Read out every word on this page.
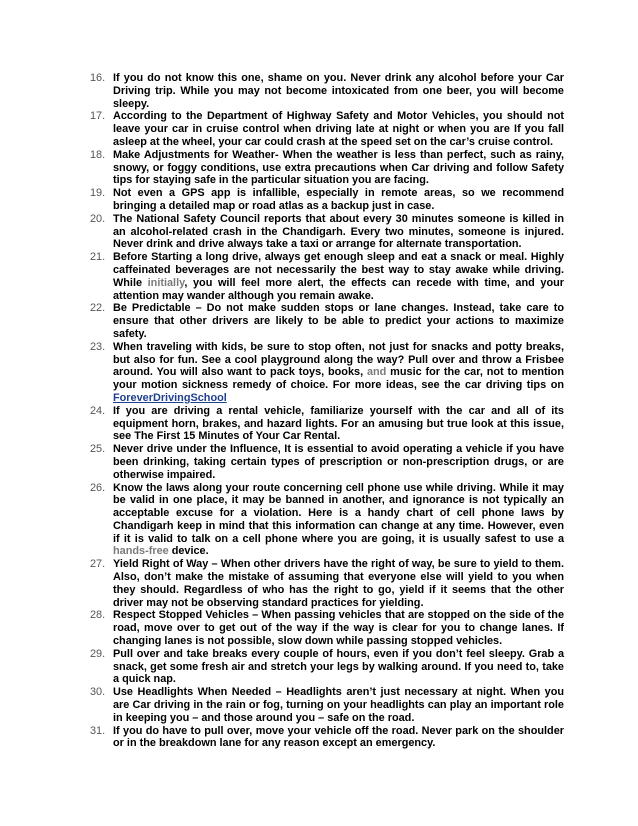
16. If you do not know this one, shame on you. Never drink any alcohol before your Car Driving trip. While you may not become intoxicated from one beer, you will become sleepy.
17. According to the Department of Highway Safety and Motor Vehicles, you should not leave your car in cruise control when driving late at night or when you are If you fall asleep at the wheel, your car could crash at the speed set on the car’s cruise control.
18. Make Adjustments for Weather- When the weather is less than perfect, such as rainy, snowy, or foggy conditions, use extra precautions when Car driving and follow Safety tips for staying safe in the particular situation you are facing.
19. Not even a GPS app is infallible, especially in remote areas, so we recommend bringing a detailed map or road atlas as a backup just in case.
20. The National Safety Council reports that about every 30 minutes someone is killed in an alcohol-related crash in the Chandigarh. Every two minutes, someone is injured. Never drink and drive always take a taxi or arrange for alternate transportation.
21. Before Starting a long drive, always get enough sleep and eat a snack or meal. Highly caffeinated beverages are not necessarily the best way to stay awake while driving. While initially, you will feel more alert, the effects can recede with time, and your attention may wander although you remain awake.
22. Be Predictable – Do not make sudden stops or lane changes. Instead, take care to ensure that other drivers are likely to be able to predict your actions to maximize safety.
23. When traveling with kids, be sure to stop often, not just for snacks and potty breaks, but also for fun. See a cool playground along the way? Pull over and throw a Frisbee around. You will also want to pack toys, books, and music for the car, not to mention your motion sickness remedy of choice. For more ideas, see the car driving tips on ForeverDrivingSchool
24. If you are driving a rental vehicle, familiarize yourself with the car and all of its equipment horn, brakes, and hazard lights. For an amusing but true look at this issue, see The First 15 Minutes of Your Car Rental.
25. Never drive under the Influence, It is essential to avoid operating a vehicle if you have been drinking, taking certain types of prescription or non-prescription drugs, or are otherwise impaired.
26. Know the laws along your route concerning cell phone use while driving. While it may be valid in one place, it may be banned in another, and ignorance is not typically an acceptable excuse for a violation. Here is a handy chart of cell phone laws by Chandigarh keep in mind that this information can change at any time. However, even if it is valid to talk on a cell phone where you are going, it is usually safest to use a hands-free device.
27. Yield Right of Way – When other drivers have the right of way, be sure to yield to them. Also, don’t make the mistake of assuming that everyone else will yield to you when they should. Regardless of who has the right to go, yield if it seems that the other driver may not be observing standard practices for yielding.
28. Respect Stopped Vehicles – When passing vehicles that are stopped on the side of the road, move over to get out of the way if the way is clear for you to change lanes. If changing lanes is not possible, slow down while passing stopped vehicles.
29. Pull over and take breaks every couple of hours, even if you don’t feel sleepy. Grab a snack, get some fresh air and stretch your legs by walking around. If you need to, take a quick nap.
30. Use Headlights When Needed – Headlights aren’t just necessary at night. When you are Car driving in the rain or fog, turning on your headlights can play an important role in keeping you – and those around you – safe on the road.
31. If you do have to pull over, move your vehicle off the road. Never park on the shoulder or in the breakdown lane for any reason except an emergency.
